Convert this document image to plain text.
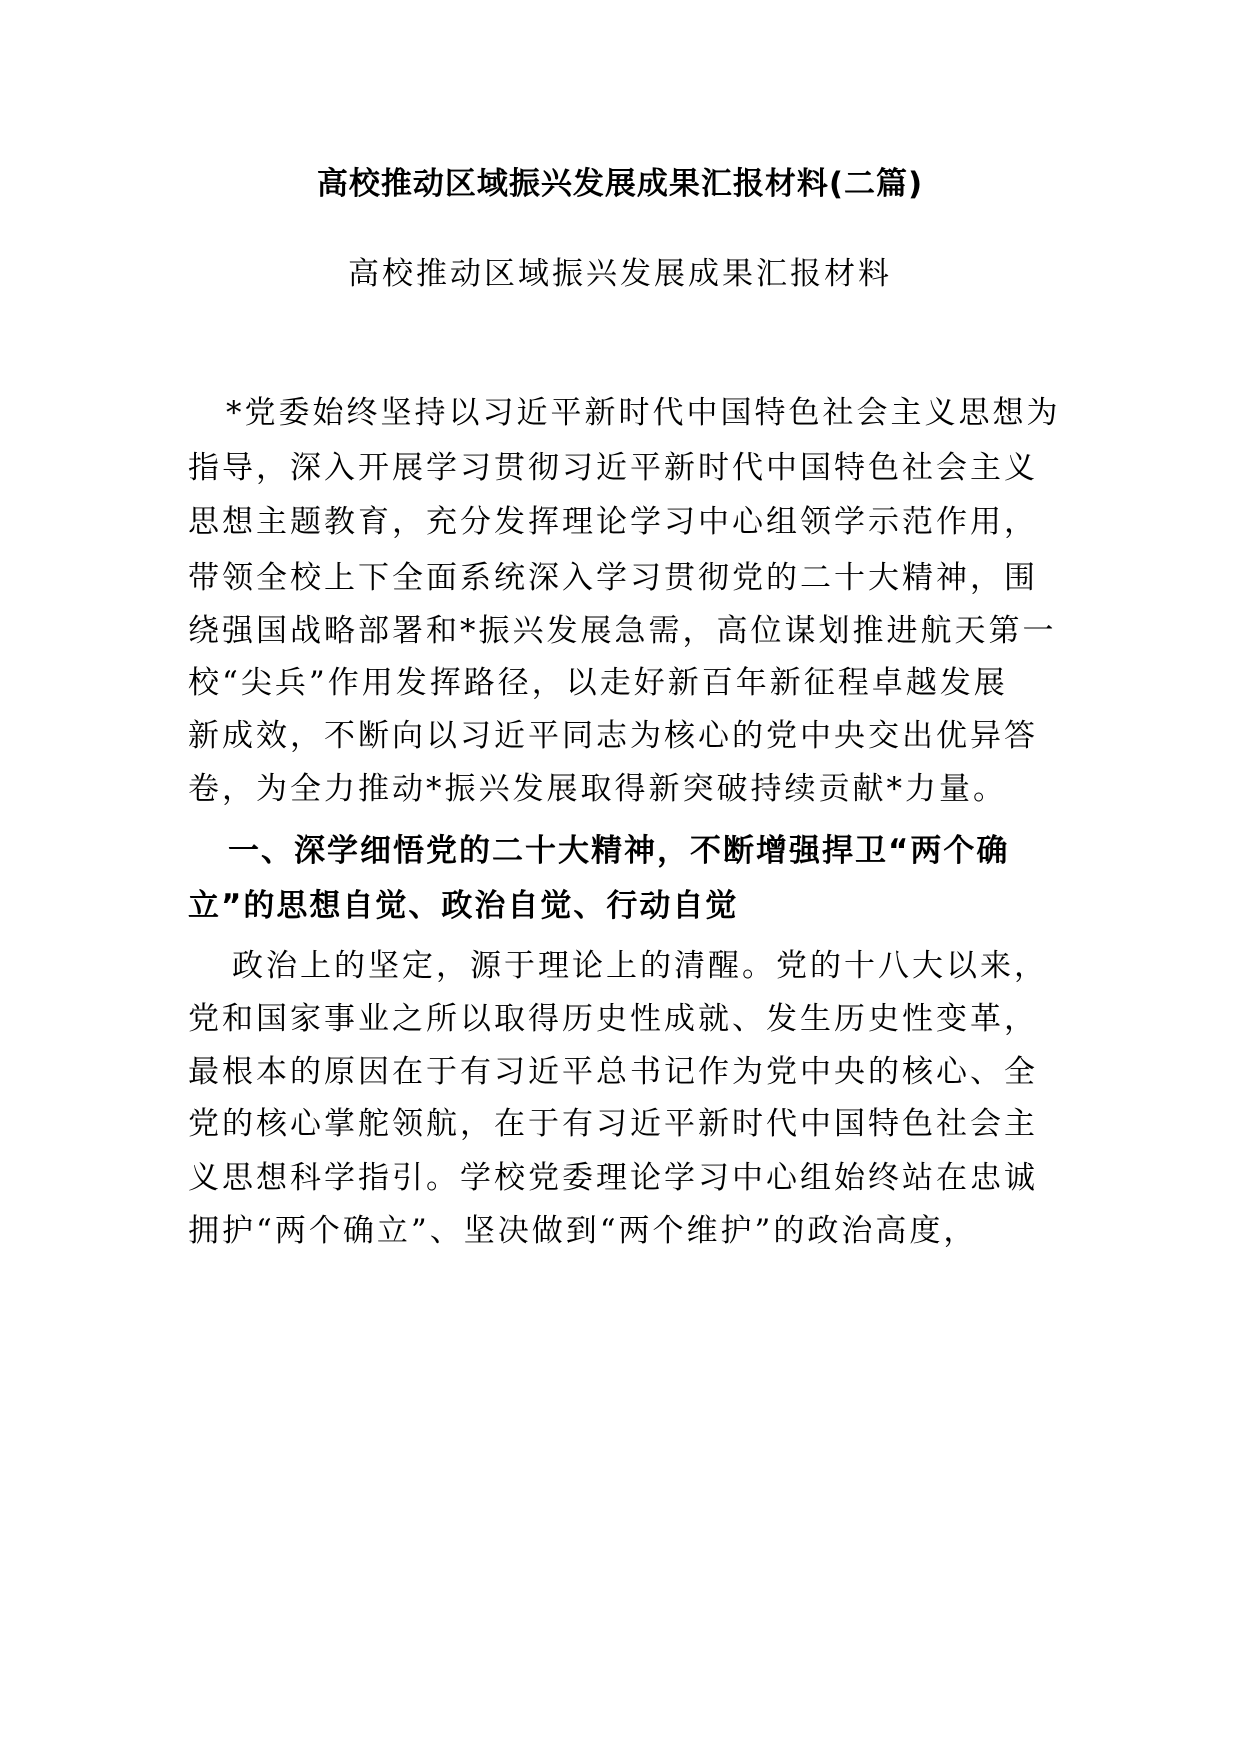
高校推动区域振兴发展成果汇报材料(二篇)
高校推动区域振兴发展成果汇报材料
*党委始终坚持以习近平新时代中国特色社会主义思想为
指导，深入开展学习贯彻习近平新时代中国特色社会主义
思想主题教育，充分发挥理论学习中心组领学示范作用，
带领全校上下全面系统深入学习贯彻党的二十大精神，围
绕强国战略部署和*振兴发展急需，高位谋划推进航天第一
校“尖兵”作用发挥路径，以走好新百年新征程卓越发展
新成效，不断向以习近平同志为核心的党中央交出优异答
卷，为全力推动*振兴发展取得新突破持续贡献*力量。
一、深学细悟党的二十大精神，不断增强捍卫“两个确
立”的思想自觉、政治自觉、行动自觉
政治上的坚定，源于理论上的清醒。党的十八大以来，
党和国家事业之所以取得历史性成就、发生历史性变革，
最根本的原因在于有习近平总书记作为党中央的核心、全
党的核心掌舵领航，在于有习近平新时代中国特色社会主
义思想科学指引。学校党委理论学习中心组始终站在忠诚
拥护“两个确立”、坚决做到“两个维护”的政治高度，
